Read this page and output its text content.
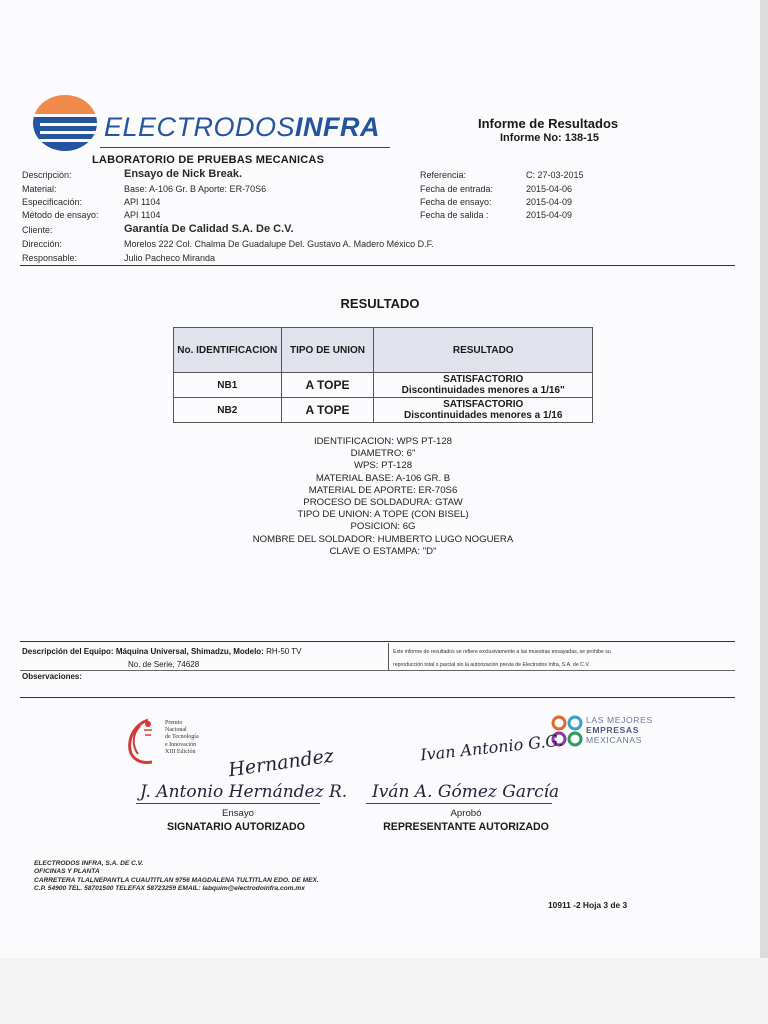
ELECTRODOSINFRA
LABORATORIO DE PRUEBAS MECANICAS
Informe de Resultados
Informe No: 138-15
Descripción:	Ensayo de Nick Break.
Material:	Base: A-106 Gr. B Aporte: ER-70S6
Especificación:	API 1104
Método de ensayo:	API 1104
Cliente:	Garantía De Calidad S.A. De C.V.
Dirección:	Morelos 222 Col. Chalma De Guadalupe Del. Gustavo A. Madero México D.F.
Responsable:	Julio Pacheco Miranda
Referencia:	C: 27-03-2015
Fecha de entrada:	2015-04-06
Fecha de ensayo:	2015-04-09
Fecha de salida :	2015-04-09
RESULTADO
No. IDENTIFICACION	TIPO DE UNION	RESULTADO
NB1	A TOPE	SATISFACTORIO
Discontinuidades menores a 1/16"

NB2	A TOPE	SATISFACTORIO
Discontinuidades menores a 1/16
IDENTIFICACION: WPS PT-128
DIAMETRO: 6"
WPS: PT-128
MATERIAL BASE: A-106 GR. B
MATERIAL DE APORTE: ER-70S6
PROCESO DE SOLDADURA: GTAW
TIPO DE UNION: A TOPE (CON BISEL)
POSICION: 6G
NOMBRE DEL SOLDADOR: HUMBERTO LUGO NOGUERA
CLAVE O ESTAMPA: "D"
Descripción del Equipo: Máquina Universal, Shimadzu, Modelo: RH-50 TV
No. de Serie, 74628
Este informe de resultados se refiere exclusivamente a las muestras ensayadas, se prohibe su
reproducción total o parcial sin la autorización previa de Electrodos Infra, S.A. de C.V.
Observaciones:
Premio
Nacional
de Tecnología
e Innovación
XIII Edición
LAS MEJORES
EMPRESAS
MEXICANAS
Hernandez
J. Antonio Hernández R.
Ensayo
SIGNATARIO AUTORIZADO
Ivan Antonio G.G.
Iván A. Gómez García
Aprobó
REPRESENTANTE AUTORIZADO
ELECTRODOS INFRA, S.A. DE C.V.
OFICINAS Y PLANTA
CARRETERA TLALNEPANTLA CUAUTITLAN 9756 MAGDALENA TULTITLAN EDO. DE MEX.
C.P. 54900 TEL. 58701500 TELEFAX 58723259 EMAIL: labquim@electrodoinfra.com.mx
10911 -2 Hoja 3 de 3
